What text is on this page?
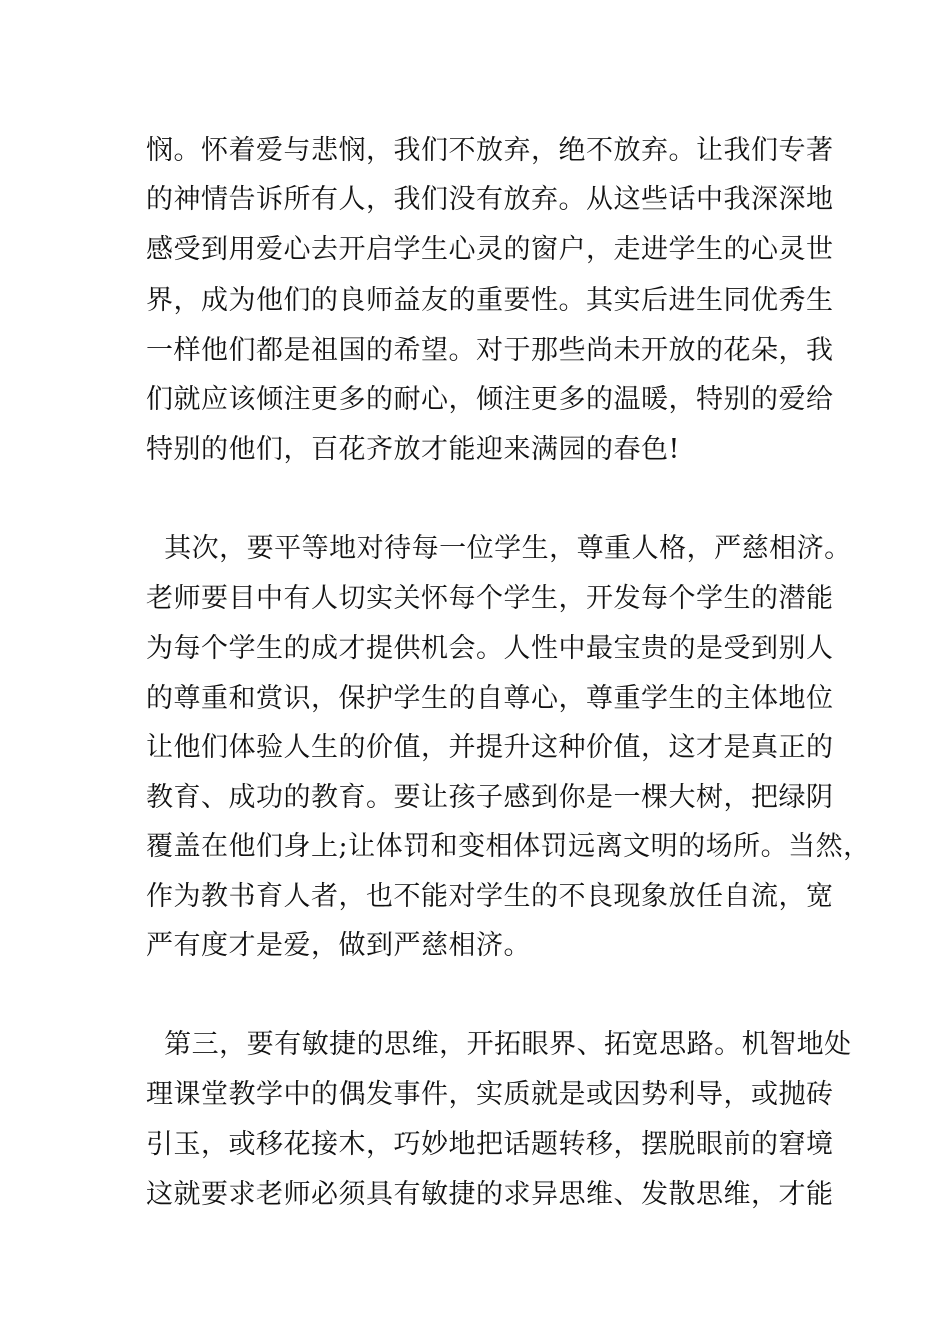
悯。怀着爱与悲悯，我们不放弃，绝不放弃。让我们专著
的神情告诉所有人，我们没有放弃。从这些话中我深深地
感受到用爱心去开启学生心灵的窗户，走进学生的心灵世
界，成为他们的良师益友的重要性。其实后进生同优秀生
一样他们都是祖国的希望。对于那些尚未开放的花朵，我
们就应该倾注更多的耐心，倾注更多的温暖，特别的爱给
特别的他们，百花齐放才能迎来满园的春色!
其次，要平等地对待每一位学生，尊重人格，严慈相济。
老师要目中有人切实关怀每个学生，开发每个学生的潜能
为每个学生的成才提供机会。人性中最宝贵的是受到别人
的尊重和赏识，保护学生的自尊心，尊重学生的主体地位
让他们体验人生的价值，并提升这种价值，这才是真正的
教育、成功的教育。要让孩子感到你是一棵大树，把绿阴
覆盖在他们身上;让体罚和变相体罚远离文明的场所。当然，
作为教书育人者，也不能对学生的不良现象放任自流，宽
严有度才是爱，做到严慈相济。
第三，要有敏捷的思维，开拓眼界、拓宽思路。机智地处
理课堂教学中的偶发事件，实质就是或因势利导，或抛砖
引玉，或移花接木，巧妙地把话题转移，摆脱眼前的窘境
这就要求老师必须具有敏捷的求异思维、发散思维，才能
